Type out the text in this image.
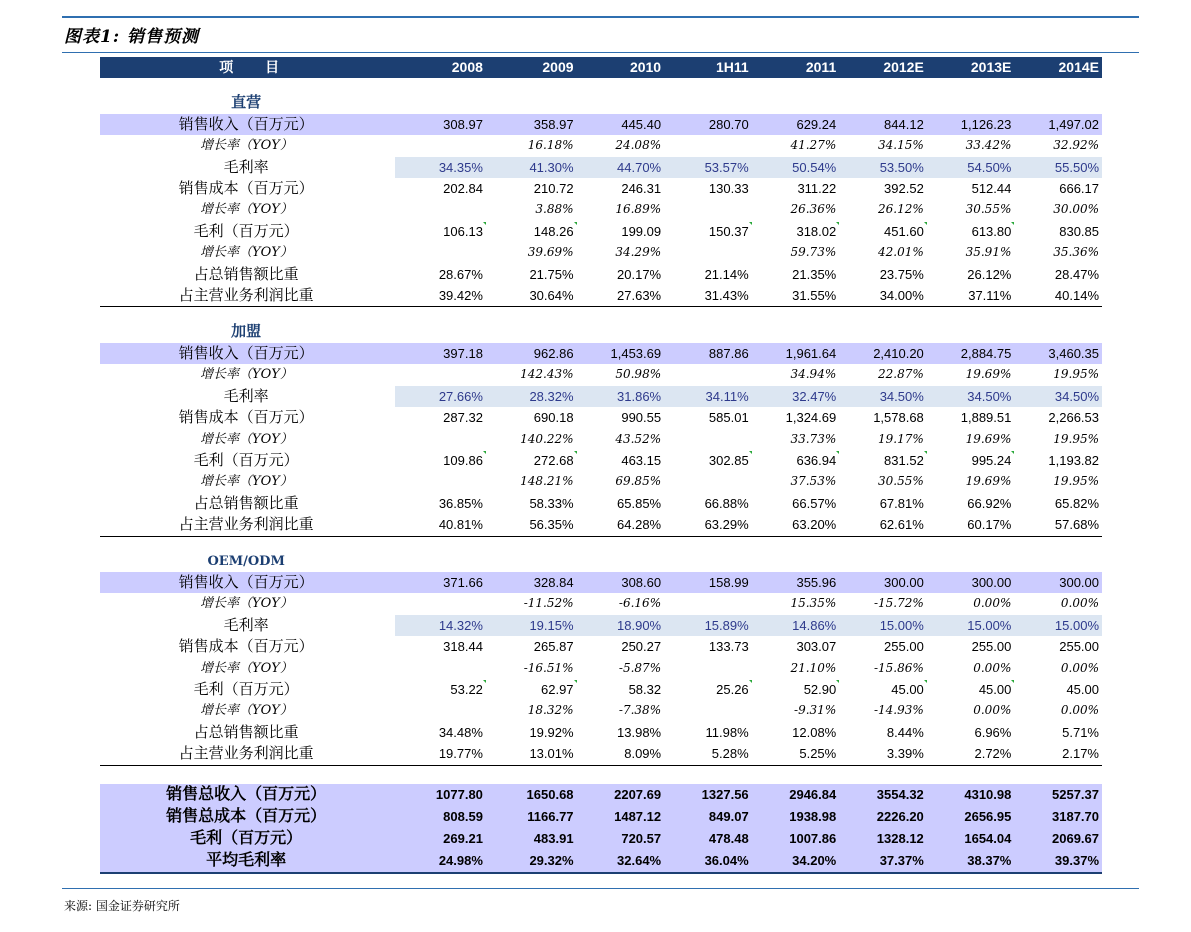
图表1: 销售预测
项 目	2008	2009	2010	1H11	2011	2012E	2013E	2014E

直营								
销售收入（百万元）	308.97	358.97	445.40	280.70	629.24	844.12	1,126.23	1,497.02
增长率（YOY）		16.18%	24.08%		41.27%	34.15%	33.42%	32.92%
毛利率	34.35%	41.30%	44.70%	53.57%	50.54%	53.50%	54.50%	55.50%
销售成本（百万元）	202.84	210.72	246.31	130.33	311.22	392.52	512.44	666.17
增长率（YOY）		3.88%	16.89%		26.36%	26.12%	30.55%	30.00%
毛利（百万元）	106.13	148.26	199.09	150.37	318.02	451.60	613.80	830.85
增长率（YOY）		39.69%	34.29%		59.73%	42.01%	35.91%	35.36%
占总销售额比重	28.67%	21.75%	20.17%	21.14%	21.35%	23.75%	26.12%	28.47%
占主营业务利润比重	39.42%	30.64%	27.63%	31.43%	31.55%	34.00%	37.11%	40.14%

加盟								
销售收入（百万元）	397.18	962.86	1,453.69	887.86	1,961.64	2,410.20	2,884.75	3,460.35
增长率（YOY）		142.43%	50.98%		34.94%	22.87%	19.69%	19.95%
毛利率	27.66%	28.32%	31.86%	34.11%	32.47%	34.50%	34.50%	34.50%
销售成本（百万元）	287.32	690.18	990.55	585.01	1,324.69	1,578.68	1,889.51	2,266.53
增长率（YOY）		140.22%	43.52%		33.73%	19.17%	19.69%	19.95%
毛利（百万元）	109.86	272.68	463.15	302.85	636.94	831.52	995.24	1,193.82
增长率（YOY）		148.21%	69.85%		37.53%	30.55%	19.69%	19.95%
占总销售额比重	36.85%	58.33%	65.85%	66.88%	66.57%	67.81%	66.92%	65.82%
占主营业务利润比重	40.81%	56.35%	64.28%	63.29%	63.20%	62.61%	60.17%	57.68%

OEM/ODM								
销售收入（百万元）	371.66	328.84	308.60	158.99	355.96	300.00	300.00	300.00
增长率（YOY）		-11.52%	-6.16%		15.35%	-15.72%	0.00%	0.00%
毛利率	14.32%	19.15%	18.90%	15.89%	14.86%	15.00%	15.00%	15.00%
销售成本（百万元）	318.44	265.87	250.27	133.73	303.07	255.00	255.00	255.00
增长率（YOY）		-16.51%	-5.87%		21.10%	-15.86%	0.00%	0.00%
毛利（百万元）	53.22	62.97	58.32	25.26	52.90	45.00	45.00	45.00
增长率（YOY）		18.32%	-7.38%		-9.31%	-14.93%	0.00%	0.00%
占总销售额比重	34.48%	19.92%	13.98%	11.98%	12.08%	8.44%	6.96%	5.71%
占主营业务利润比重	19.77%	13.01%	8.09%	5.28%	5.25%	3.39%	2.72%	2.17%

销售总收入（百万元）	1077.80	1650.68	2207.69	1327.56	2946.84	3554.32	4310.98	5257.37
销售总成本（百万元）	808.59	1166.77	1487.12	849.07	1938.98	2226.20	2656.95	3187.70
毛利（百万元）	269.21	483.91	720.57	478.48	1007.86	1328.12	1654.04	2069.67
平均毛利率	24.98%	29.32%	32.64%	36.04%	34.20%	37.37%	38.37%	39.37%
来源: 国金证券研究所
